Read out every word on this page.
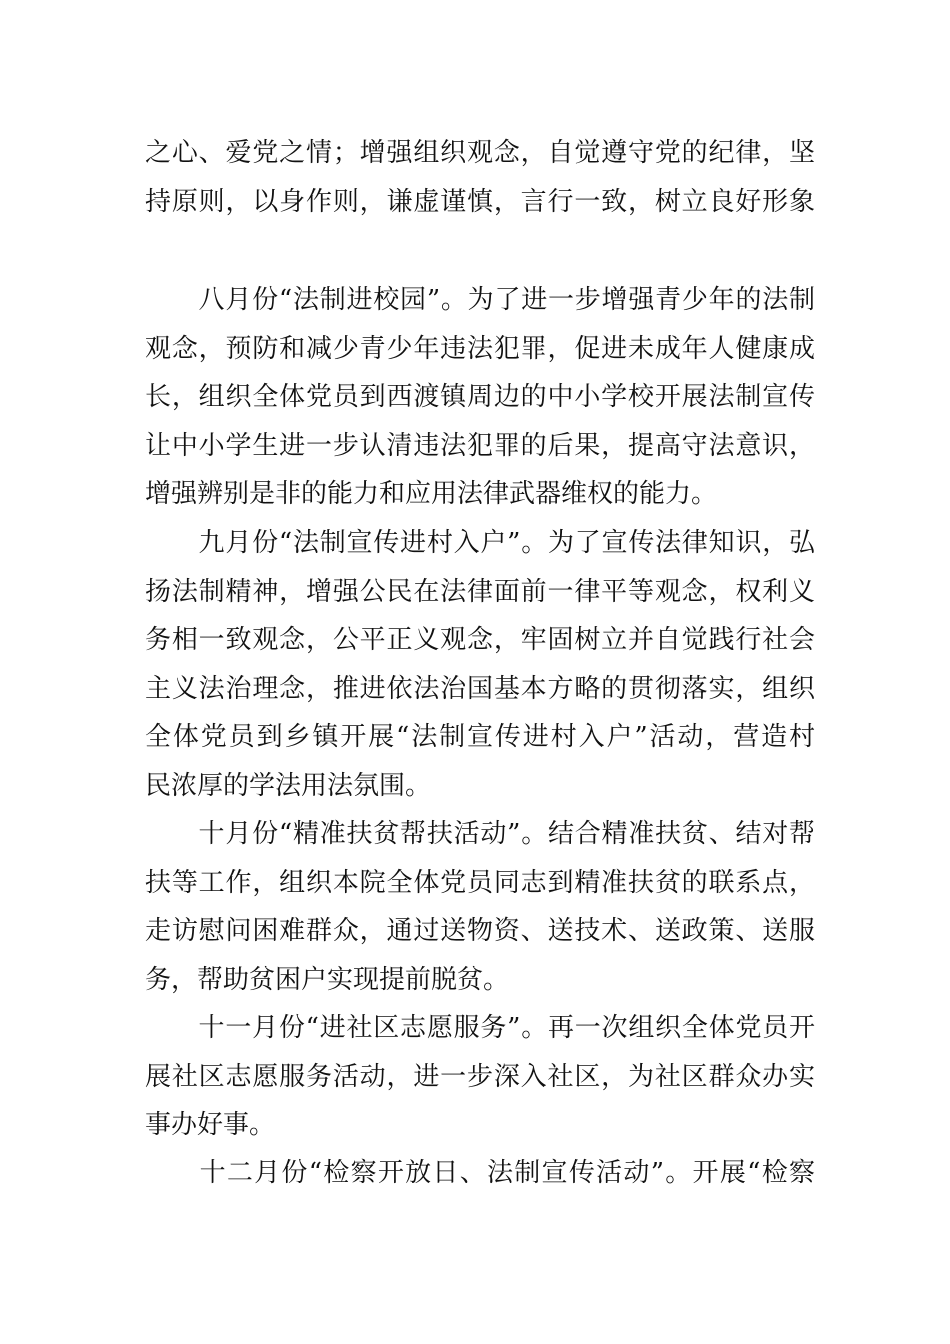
之心、爱党之情；增强组织观念，自觉遵守党的纪律，坚
持原则，以身作则，谦虚谨慎，言行一致，树立良好形象
　　八月份“法制进校园”。为了进一步增强青少年的法制
观念，预防和减少青少年违法犯罪，促进未成年人健康成
长，组织全体党员到西渡镇周边的中小学校开展法制宣传
让中小学生进一步认清违法犯罪的后果，提高守法意识，
增强辨别是非的能力和应用法律武器维权的能力。
　　九月份“法制宣传进村入户”。为了宣传法律知识，弘
扬法制精神，增强公民在法律面前一律平等观念，权利义
务相一致观念，公平正义观念，牢固树立并自觉践行社会
主义法治理念，推进依法治国基本方略的贯彻落实，组织
全体党员到乡镇开展“法制宣传进村入户”活动，营造村
民浓厚的学法用法氛围。
　　十月份“精准扶贫帮扶活动”。结合精准扶贫、结对帮
扶等工作，组织本院全体党员同志到精准扶贫的联系点，
走访慰问困难群众，通过送物资、送技术、送政策、送服
务，帮助贫困户实现提前脱贫。
　　十一月份“进社区志愿服务”。再一次组织全体党员开
展社区志愿服务活动，进一步深入社区，为社区群众办实
事办好事。
　　十二月份“检察开放日、法制宣传活动”。开展“检察
